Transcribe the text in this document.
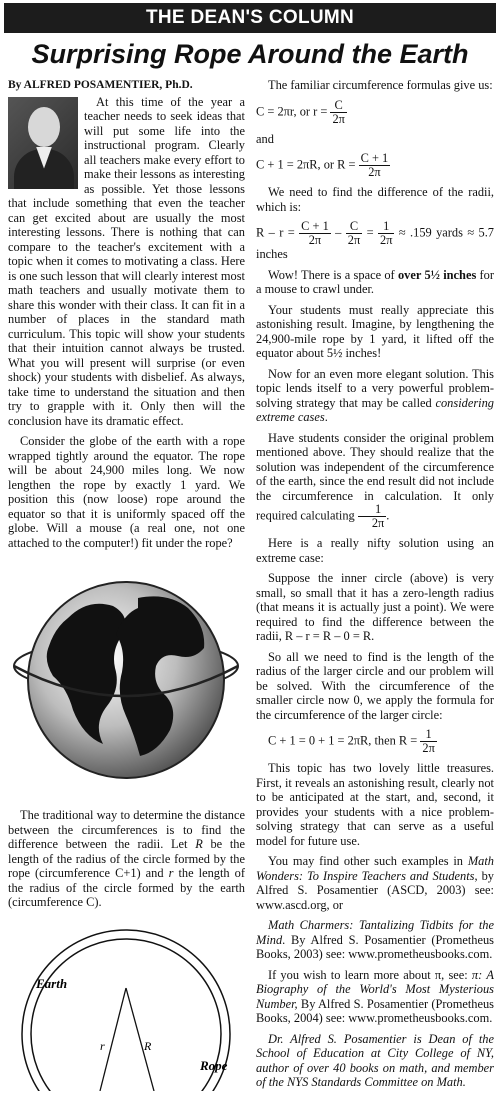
THE DEAN'S COLUMN
Surprising Rope Around the Earth
By ALFRED POSAMENTIER, Ph.D.

At this time of the year a teacher needs to seek ideas that will put some life into the instructional program. Clearly all teachers make every effort to make their lessons as interesting as possible. Yet those lessons that include something that even the teacher can get excited about are usually the most interesting lessons. There is nothing that can compare to the teacher's excitement with a topic when it comes to motivating a class. Here is one such lesson that will clearly interest most math teachers and usually motivate them to share this wonder with their class. It can fit in a number of places in the standard math curriculum. This topic will show your students that their intuition cannot always be trusted. What you will present will surprise (or even shock) your students with disbelief. As always, take time to understand the situation and then try to grapple with it. Only then will the conclusion have its dramatic effect.

Consider the globe of the earth with a rope wrapped tightly around the equator. The rope will be about 24,900 miles long. We now lengthen the rope by exactly 1 yard. We position this (now loose) rope around the equator so that it is uniformly spaced off the globe. Will a mouse (a real one, not one attached to the computer!) fit under the rope?

The traditional way to determine the distance between the circumferences is to find the difference between the radii. Let R be the length of the radius of the circle formed by the rope (circumference C+1) and r the length of the radius of the circle formed by the earth (circumference C).

Earth
Rope
r	R

The familiar circumference formulas give us:

C = 2πr, or $r = \frac{C}{2\pi}$
and
C + 1 = 2πR, or $R = \frac{C + 1}{2\pi}$

We need to find the difference of the radii, which is:

$R - r = \frac{C + 1}{2\pi} - \frac{C}{2\pi} = \frac{1}{2\pi} \approx .159$ yards ≈ 5.7 inches

Wow! There is a space of over 5½ inches for a mouse to crawl under.

Your students must really appreciate this astonishing result. Imagine, by lengthening the 24,900-mile rope by 1 yard, it lifted off the equator about 5½ inches!

Now for an even more elegant solution. This topic lends itself to a very powerful problem-solving strategy that may be called considering extreme cases.

Have students consider the original problem mentioned above. They should realize that the solution was independent of the circumference of the earth, since the end result did not include the circumference in calculation. It only required calculating $\frac{1}{2\pi}$ .

Here is a really nifty solution using an extreme case:

Suppose the inner circle (above) is very small, so small that it has a zero-length radius (that means it is actually just a point). We were required to find the difference between the radii, R – r = R – 0 = R.

So all we need to find is the length of the radius of the larger circle and our problem will be solved. With the circumference of the smaller circle now 0, we apply the formula for the circumference of the larger circle:

C + 1 = 0 + 1 = 2πR, then $R = \frac{1}{2\pi}$

This topic has two lovely little treasures. First, it reveals an astonishing result, clearly not to be anticipated at the start, and, second, it provides your students with a nice problem-solving strategy that can serve as a useful model for future use.

You may find other such examples in Math Wonders: To Inspire Teachers and Students, by Alfred S. Posamentier (ASCD, 2003) see: www.ascd.org, or

Math Charmers: Tantalizing Tidbits for the Mind. By Alfred S. Posamentier (Prometheus Books, 2003) see: www.prometheusbooks.com.

If you wish to learn more about π, see: π: A Biography of the World's Most Mysterious Number, By Alfred S. Posamentier (Prometheus Books, 2004) see: www.prometheusbooks.com.

Dr. Alfred S. Posamentier is Dean of the School of Education at City College of NY, author of over 40 books on math, and member of the NYS Standards Committee on Math.
